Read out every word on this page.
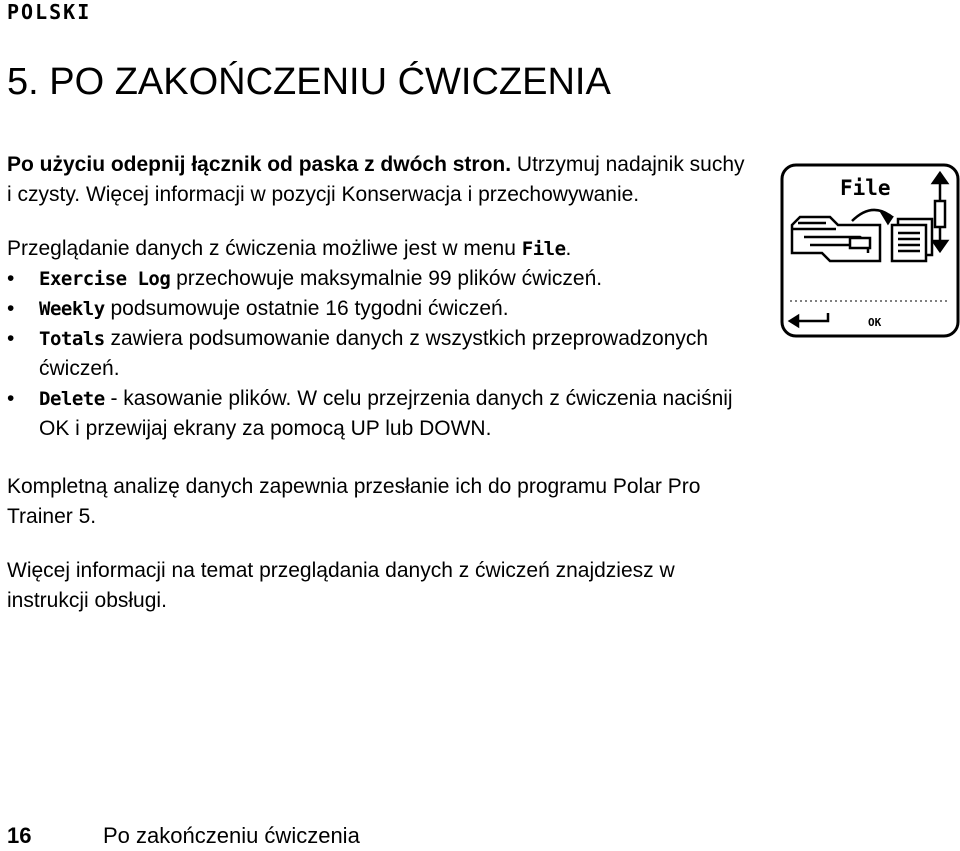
POLSKI
5. PO ZAKOŃCZENIU ĆWICZENIA

Po użyciu odepnij łącznik od paska z dwóch stron. Utrzymuj nadajnik suchy i czysty. Więcej informacji w pozycji Konserwacja i przechowywanie.

Przeglądanie danych z ćwiczenia możliwe jest w menu File.

•	Exercise Log przechowuje maksymalnie 99 plików ćwiczeń.
•	Weekly podsumowuje ostatnie 16 tygodni ćwiczeń.
•	Totals zawiera podsumowanie danych z wszystkich przeprowadzonych ćwiczeń.
•	Delete - kasowanie plików. W celu przejrzenia danych z ćwiczenia naciśnij OK i przewijaj ekrany za pomocą UP lub DOWN.

Kompletną analizę danych zapewnia przesłanie ich do programu Polar Pro Trainer 5.

Więcej informacji na temat przeglądania danych z ćwiczeń znajdziesz w instrukcji obsługi.

File
OK
16	Po zakończeniu ćwiczenia
